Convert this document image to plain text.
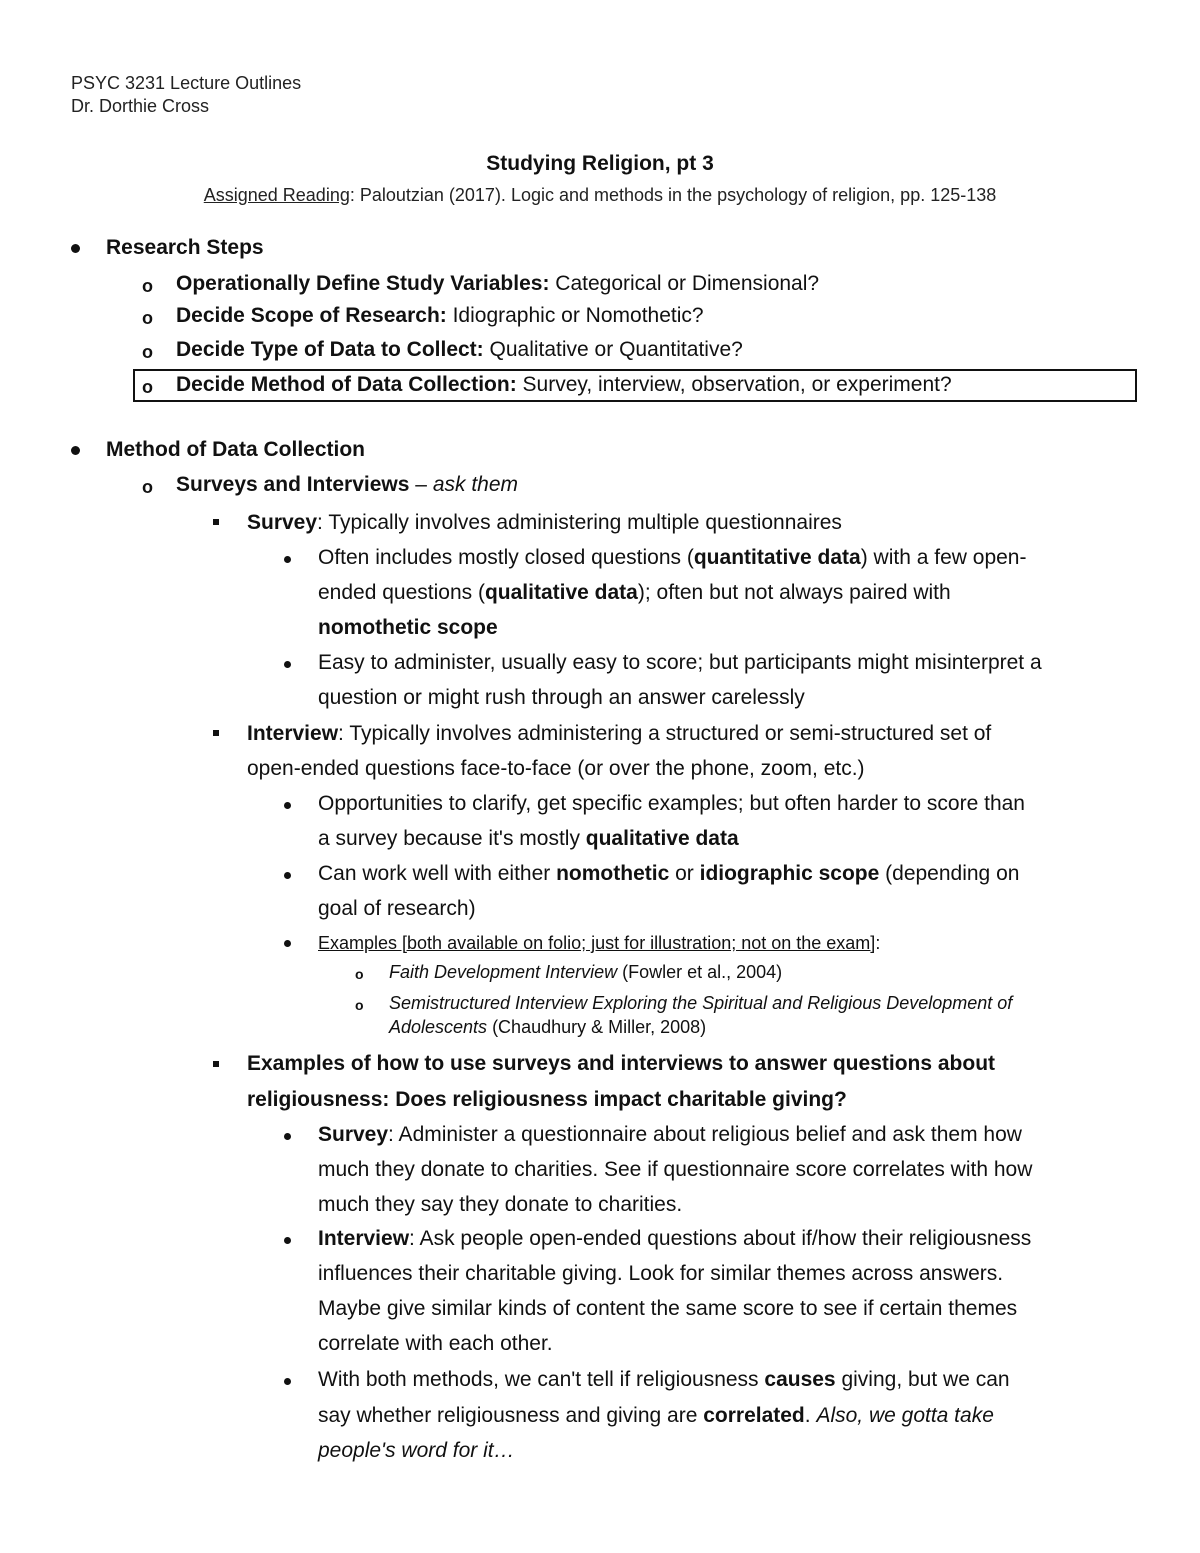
PSYC 3231 Lecture Outlines
Dr. Dorthie Cross
Studying Religion, pt 3
Assigned Reading: Paloutzian (2017). Logic and methods in the psychology of religion, pp. 125-138
Research Steps
o Operationally Define Study Variables: Categorical or Dimensional?
o Decide Scope of Research: Idiographic or Nomothetic?
o Decide Type of Data to Collect: Qualitative or Quantitative?
o Decide Method of Data Collection: Survey, interview, observation, or experiment?
Method of Data Collection
o Surveys and Interviews – ask them
Survey: Typically involves administering multiple questionnaires
Often includes mostly closed questions (quantitative data) with a few open-
ended questions (qualitative data); often but not always paired with
nomothetic scope
Easy to administer, usually easy to score; but participants might misinterpret a
question or might rush through an answer carelessly
Interview: Typically involves administering a structured or semi-structured set of
open-ended questions face-to-face (or over the phone, zoom, etc.)
Opportunities to clarify, get specific examples; but often harder to score than
a survey because it's mostly qualitative data
Can work well with either nomothetic or idiographic scope (depending on
goal of research)
Examples [both available on folio; just for illustration; not on the exam]:
o Faith Development Interview (Fowler et al., 2004)
o Semistructured Interview Exploring the Spiritual and Religious Development of
Adolescents (Chaudhury & Miller, 2008)
Examples of how to use surveys and interviews to answer questions about
religiousness: Does religiousness impact charitable giving?
Survey: Administer a questionnaire about religious belief and ask them how
much they donate to charities. See if questionnaire score correlates with how
much they say they donate to charities.
Interview: Ask people open-ended questions about if/how their religiousness
influences their charitable giving. Look for similar themes across answers.
Maybe give similar kinds of content the same score to see if certain themes
correlate with each other.
With both methods, we can't tell if religiousness causes giving, but we can
say whether religiousness and giving are correlated. Also, we gotta take
people's word for it…
